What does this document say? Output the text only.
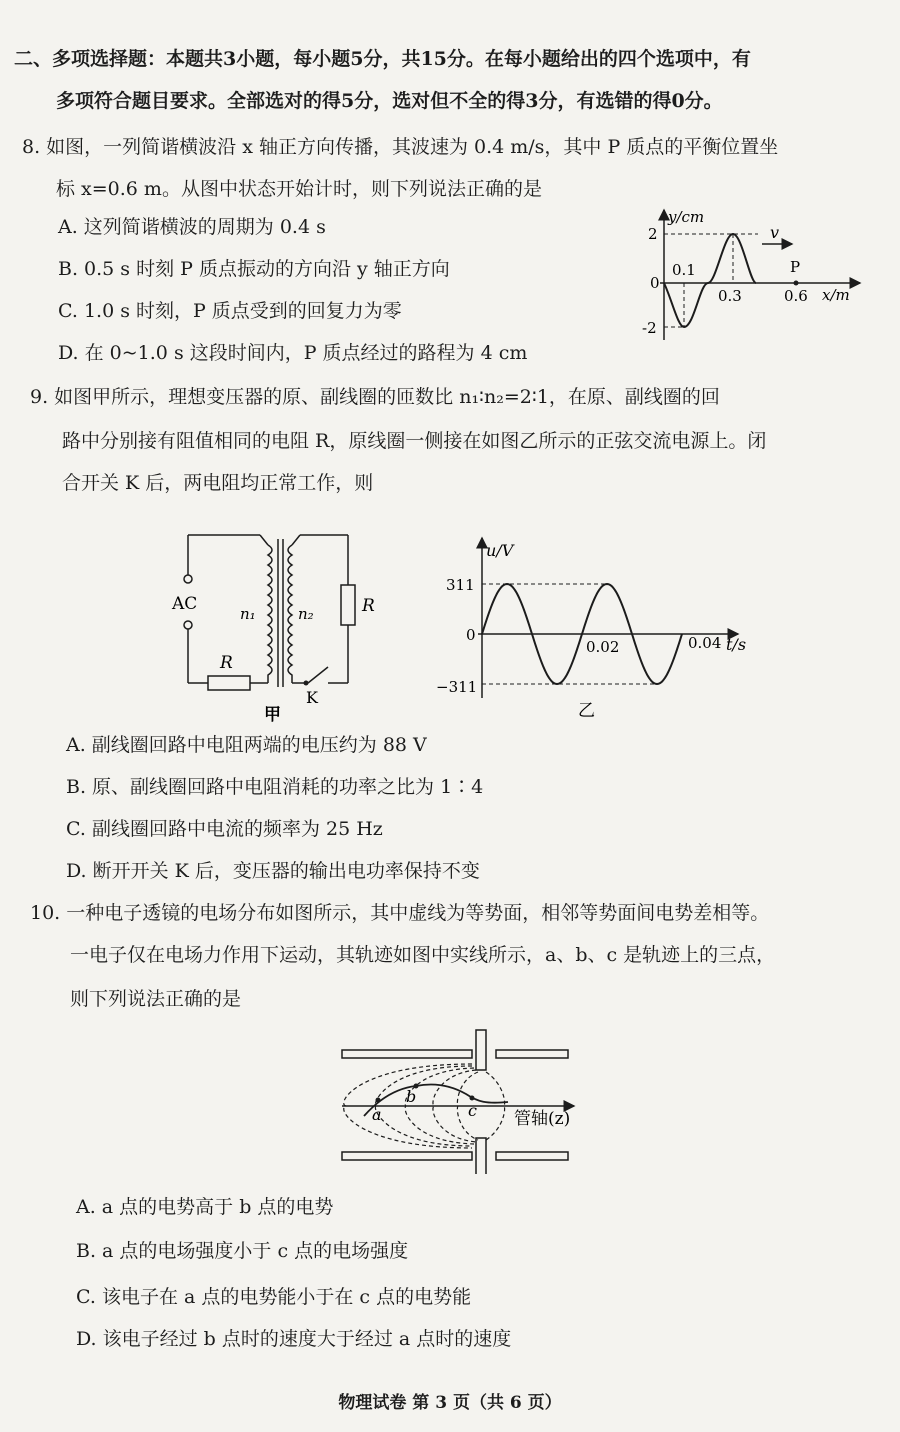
二、多项选择题：本题共3小题，每小题5分，共15分。在每小题给出的四个选项中，有
多项符合题目要求。全部选对的得5分，选对但不全的得3分，有选错的得0分。
8. 如图，一列简谐横波沿 x 轴正方向传播，其波速为 0.4 m/s，其中 P 质点的平衡位置坐
标 x=0.6 m。从图中状态开始计时，则下列说法正确的是
A. 这列简谐横波的周期为 0.4 s
B. 0.5 s 时刻 P 质点振动的方向沿 y 轴正方向
C. 1.0 s 时刻，P 质点受到的回复力为零
D. 在 0~1.0 s 这段时间内，P 质点经过的路程为 4 cm
y/cm
x/m
2
-2
0
0.1
0.3	0.6
v
P
9. 如图甲所示，理想变压器的原、副线圈的匝数比 n₁∶n₂=2∶1，在原、副线圈的回
路中分别接有阻值相同的电阻 R，原线圈一侧接在如图乙所示的正弦交流电源上。闭
合开关 K 后，两电阻均正常工作，则
AC
R
n₁	n₂	R
K
甲
u/V
t/s
311
−311
0
0.02	0.04
乙
A. 副线圈回路中电阻两端的电压约为 88 V
B. 原、副线圈回路中电阻消耗的功率之比为 1∶4
C. 副线圈回路中电流的频率为 25 Hz
D. 断开开关 K 后，变压器的输出电功率保持不变
10. 一种电子透镜的电场分布如图所示，其中虚线为等势面，相邻等势面间电势差相等。
一电子仅在电场力作用下运动，其轨迹如图中实线所示，a、b、c 是轨迹上的三点，
则下列说法正确的是
管轴(z)
a
b
c
A. a 点的电势高于 b 点的电势
B. a 点的电场强度小于 c 点的电场强度
C. 该电子在 a 点的电势能小于在 c 点的电势能
D. 该电子经过 b 点时的速度大于经过 a 点时的速度
物理试卷 第 3 页（共 6 页）
